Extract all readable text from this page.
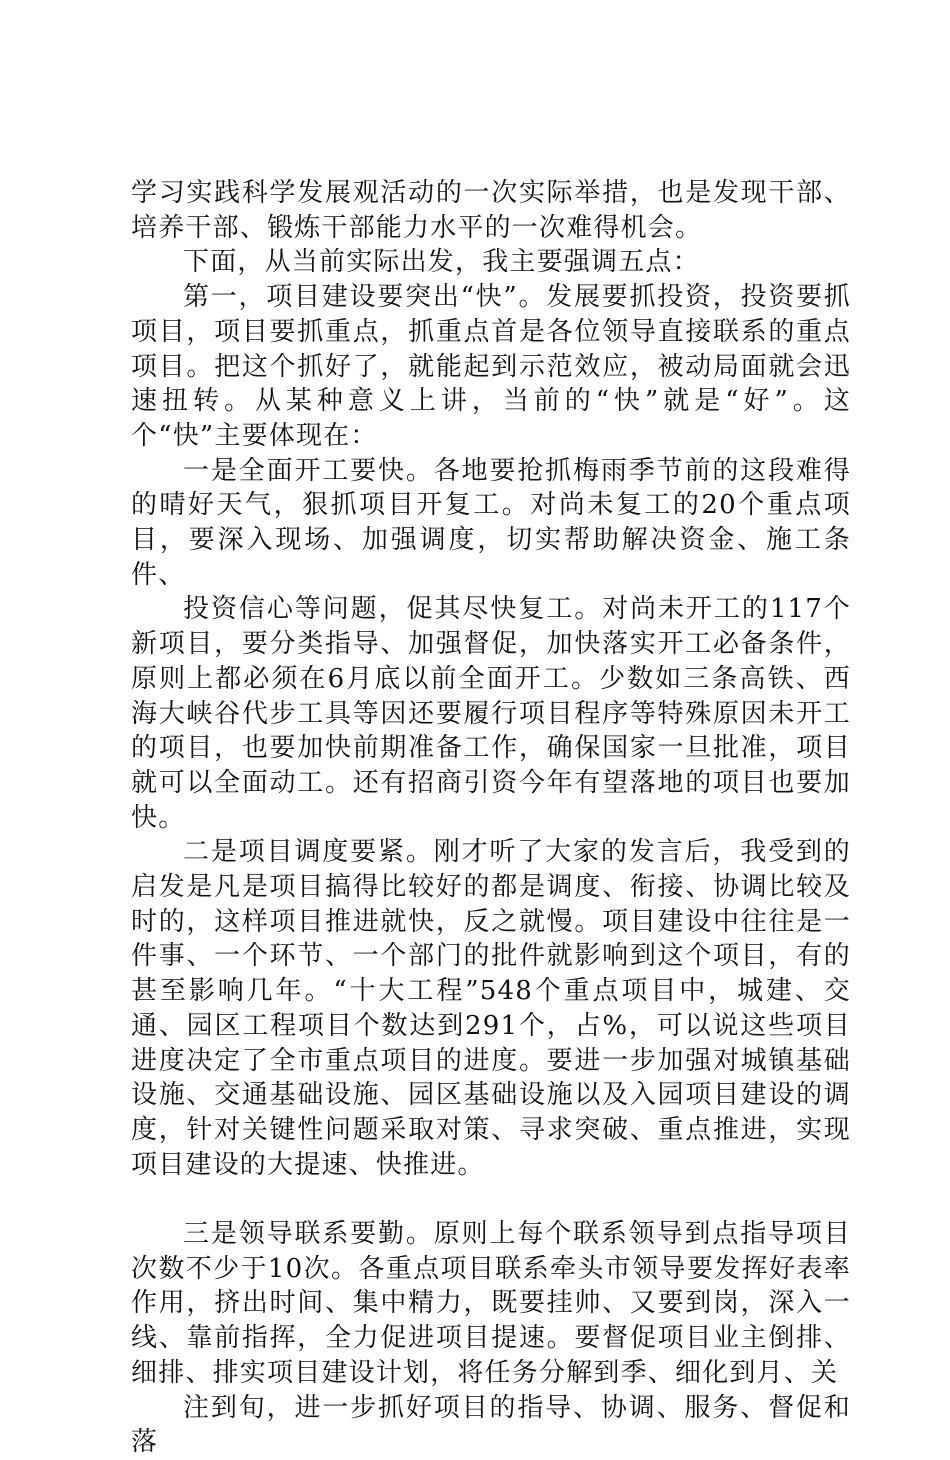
学习实践科学发展观活动的一次实际举措，也是发现干部、培养干部、锻炼干部能力水平的一次难得机会。

下面，从当前实际出发，我主要强调五点：

第一，项目建设要突出“快”。发展要抓投资，投资要抓项目，项目要抓重点，抓重点首是各位领导直接联系的重点项目。把这个抓好了，就能起到示范效应，被动局面就会迅速扭转。从某种意义上讲，当前的“快”就是“好”。这个“快”主要体现在：

一是全面开工要快。各地要抢抓梅雨季节前的这段难得的晴好天气，狠抓项目开复工。对尚未复工的20个重点项目，要深入现场、加强调度，切实帮助解决资金、施工条件、

投资信心等问题，促其尽快复工。对尚未开工的117个新项目，要分类指导、加强督促，加快落实开工必备条件，原则上都必须在6月底以前全面开工。少数如三条高铁、西海大峡谷代步工具等因还要履行项目程序等特殊原因未开工的项目，也要加快前期准备工作，确保国家一旦批准，项目就可以全面动工。还有招商引资今年有望落地的项目也要加快。

二是项目调度要紧。刚才听了大家的发言后，我受到的启发是凡是项目搞得比较好的都是调度、衔接、协调比较及时的，这样项目推进就快，反之就慢。项目建设中往往是一件事、一个环节、一个部门的批件就影响到这个项目，有的甚至影响几年。“十大工程”548个重点项目中，城建、交通、园区工程项目个数达到291个，占%，可以说这些项目进度决定了全市重点项目的进度。要进一步加强对城镇基础设施、交通基础设施、园区基础设施以及入园项目建设的调度，针对关键性问题采取对策、寻求突破、重点推进，实现项目建设的大提速、快推进。

三是领导联系要勤。原则上每个联系领导到点指导项目次数不少于10次。各重点项目联系牵头市领导要发挥好表率作用，挤出时间、集中精力，既要挂帅、又要到岗，深入一线、靠前指挥，全力促进项目提速。要督促项目业主倒排、细排、排实项目建设计划，将任务分解到季、细化到月、关

注到旬，进一步抓好项目的指导、协调、服务、督促和落
